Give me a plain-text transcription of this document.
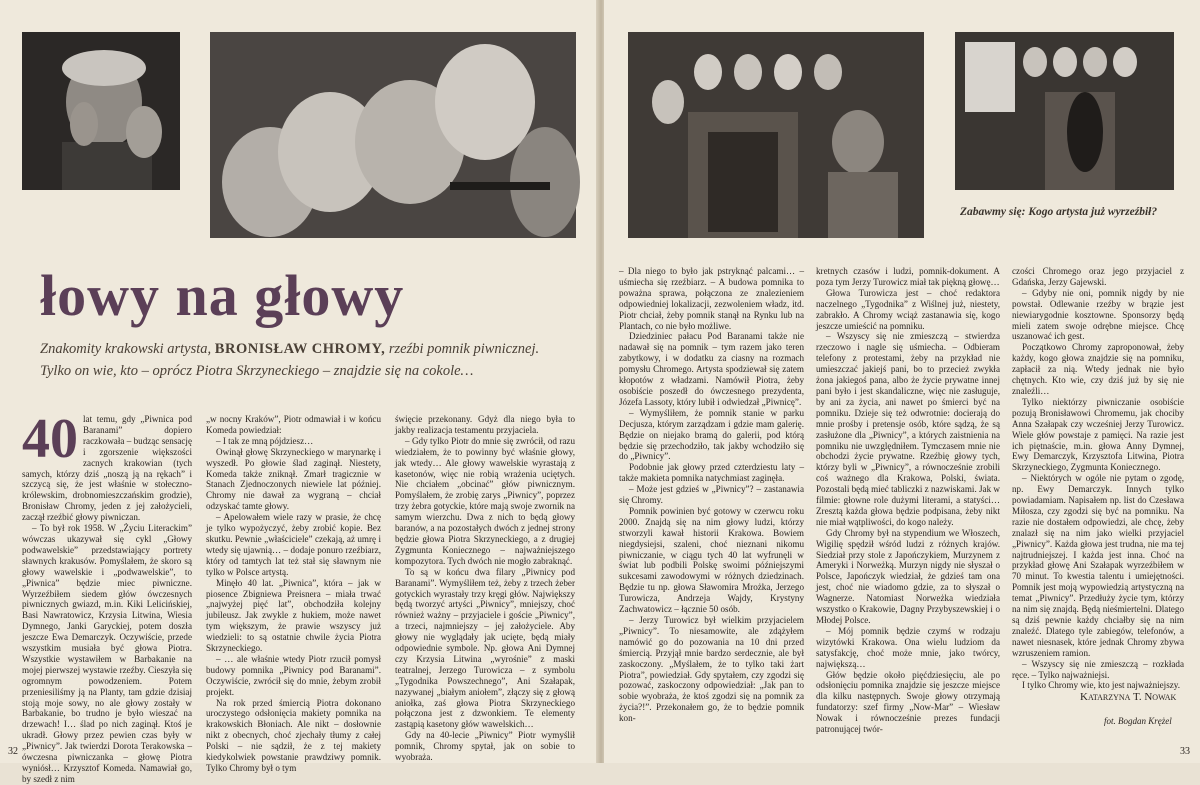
łowy na głowy
Znakomity krakowski artysta, BRONISŁAW CHROMY, rzeźbi pomnik piwnicznej. Tylko on wie, kto – oprócz Piotra Skrzyneckiego – znajdzie się na cokole…
40 lat temu, gdy „Piwnica pod Baranami” dopiero raczkowała – budząc sensację i zgorszenie większości zacnych krakowian (tych samych, którzy dziś „noszą ją na rękach” i szczycą się, że jest właśnie w stołeczno-królewskim, drobnomieszczańskim grodzie), Bronisław Chromy, jeden z jej założycieli, zaczął rzeźbić głowy piwniczan.

– To był rok 1958. W „Życiu Literackim” wówczas ukazywał się cykl „Głowy podwawelskie” przedstawiający portrety sławnych krakusów. Pomyślałem, że skoro są głowy wawelskie i „podwawelskie”, to „Piwnica” będzie miec piwniczne. Wyrzeźbiłem siedem głów ówczesnych piwnicznych gwiazd, m.in. Kiki Lelicińskiej, Basi Nawratowicz, Krzysia Litwina, Wiesia Dymnego, Janki Garyckiej, potem doszła jeszcze Ewa Demarczyk. Oczywiście, przede wszystkim musiała być głowa Piotra. Wszystkie wystawiłem w Barbakanie na mojej pierwszej wystawie rzeźby. Cieszyła się ogromnym powodzeniem. Potem przeniesiliśmy ją na Planty, tam gdzie dzisiaj stoją moje sowy, no ale głowy zostały w Barbakanie, bo trudno je było wieszać na drzewach! I… ślad po nich zaginął. Ktoś je ukradł. Głowy przez pewien czas były w „Piwnicy”. Jak twierdzi Dorota Terakowska – ówczesna piwniczanka – głowę Piotra wyniósł… Krzysztof Komeda. Namawiał go, by szedł z nim

„w nocny Kraków”, Piotr odmawiał i w końcu Komeda powiedział:

– I tak ze mną pójdziesz…

Owinął głowę Skrzyneckiego w marynarkę i wyszedł. Po głowie ślad zaginął. Niestety, Komeda także zniknął. Zmarł tragicznie w Stanach Zjednoczonych niewiele lat później. Chromy nie dawał za wygraną – chciał odzyskać tamte głowy.

– Apelowałem wiele razy w prasie, że chcę je tylko wypożyczyć, żeby zrobić kopie. Bez skutku. Pewnie „właściciele” czekają, aż umrę i wtedy się ujawnią… – dodaje ponuro rzeźbiarz, który od tamtych lat też stał się sławnym nie tylko w Polsce artystą.

Minęło 40 lat. „Piwnica”, która – jak w piosence Zbigniewa Preisnera – miała trwać „najwyżej pięć lat”, obchodziła kolejny jubileusz. Jak zwykle z hukiem, może nawet tym większym, że prawie wszyscy już wiedzieli: to są ostatnie chwile życia Piotra Skrzyneckiego.

– … ale właśnie wtedy Piotr rzucił pomysł budowy pomnika „Piwnicy pod Baranami”. Oczywiście, zwrócił się do mnie, żebym zrobił projekt.

Na rok przed śmiercią Piotra dokonano uroczystego odsłonięcia makiety pomnika na krakowskich Błoniach. Ale nikt – dosłownie nikt z obecnych, choć zjechały tłumy z całej Polski – nie sądził, że z tej makiety kiedykolwiek powstanie prawdziwy pomnik. Tylko Chromy był o tym

święcie przekonany. Gdyż dla niego była to jakby realizacja testamentu przyjaciela.

– Gdy tylko Piotr do mnie się zwrócił, od razu wiedziałem, że to powinny być właśnie głowy, jak wtedy… Ale głowy wawelskie wyrastają z kasetonów, więc nie robią wrażenia uciętych. Nie chciałem „obcinać” głów piwnicznym. Pomyślałem, że zrobię zarys „Piwnicy”, poprzez trzy żebra gotyckie, które mają swoje zwornik na samym wierzchu. Dwa z nich to będą głowy baranów, a na pozostałych dwóch z jednej strony będzie głowa Piotra Skrzyneckiego, a z drugiej Zygmunta Koniecznego – najważniejszego kompozytora. Tych dwóch nie mogło zabraknąć.

To są w końcu dwa filary „Piwnicy pod Baranami”. Wymyśliłem też, żeby z trzech żeber gotyckich wyrastały trzy kręgi głów. Największy będą tworzyć artyści „Piwnicy”, mniejszy, choć również ważny – przyjaciele i goście „Piwnicy”, a trzeci, najmniejszy – jej założyciele. Aby głowy nie wyglądały jak ucięte, będą miały odpowiednie symbole. Np. głowa Ani Dymnej czy Krzysia Litwina „wyrośnie” z maski teatralnej, Jerzego Turowicza – z symbolu „Tygodnika Powszechnego”, Ani Szałapak, nazywanej „białym aniołem”, złączy się z głową aniołka, zaś głowa Piotra Skrzyneckiego połączona jest z dzwonkiem. Te elementy zastąpią kasetony głów wawelskich…

Gdy na 40-lecie „Piwnicy” Piotr wymyślił pomnik, Chromy spytał, jak on sobie to wyobraża.

32
Zabawmy się: Kogo artysta już wyrzeźbił?

– Dla niego to było jak pstryknąć palcami… – uśmiecha się rzeźbiarz. – A budowa pomnika to poważna sprawa, połączona ze znalezieniem odpowiedniej lokalizacji, zezwoleniem władz, itd. Piotr chciał, żeby pomnik stanął na Rynku lub na Plantach, co nie było możliwe.

Dziedziniec pałacu Pod Baranami także nie nadawał się na pomnik – tym razem jako teren zabytkowy, i w dodatku za ciasny na rozmach pomysłu Chromego. Artysta spodziewał się zatem kłopotów z władzami. Namówił Piotra, żeby osobiście poszedł do ówczesnego prezydenta, Józefa Lassoty, który lubił i odwiedzał „Piwnicę”.

– Wymyśliłem, że pomnik stanie w parku Decjusza, którym zarządzam i gdzie mam galerię. Będzie on niejako bramą do galerii, pod którą będzie się przechodziło, tak jakby wchodziło się do „Piwnicy”.

Podobnie jak głowy przed czterdziestu laty – także makieta pomnika natychmiast zaginęła.

– Może jest gdzieś w „Piwnicy”? – zastanawia się Chromy.

Pomnik powinien być gotowy w czerwcu roku 2000. Znajdą się na nim głowy ludzi, którzy stworzyli kawał historii Krakowa. Bowiem niegdysiejsi, szaleni, choć nieznani nikomu piwniczanie, w ciągu tych 40 lat wyfrunęli w świat lub podbili Polskę swoimi późniejszymi sukcesami zawodowymi w różnych dziedzinach. Będzie tu np. głowa Sławomira Mrożka, Jerzego Turowicza, Andrzeja Wajdy, Krystyny Zachwatowicz – łącznie 50 osób.

– Jerzy Turowicz był wielkim przyjacielem „Piwnicy”. To niesamowite, ale zdążyłem namówić go do pozowania na 10 dni przed śmiercią. Przyjął mnie bardzo serdecznie, ale był zaskoczony. „Myślałem, że to tylko taki żart Piotra”, powiedział. Gdy spytałem, czy zgodzi się pozować, zaskoczony odpowiedział: „Jak pan to sobie wyobraża, że ktoś zgodzi się na pomnik za życia?!”. Przekonałem go, że to będzie pomnik kon-

kretnych czasów i ludzi, pomnik-dokument. A poza tym Jerzy Turowicz miał tak piękną głowę…

Głowa Turowicza jest – choć redaktora naczelnego „Tygodnika” z Wiślnej już, niestety, zabrakło. A Chromy wciąż zastanawia się, kogo jeszcze umieścić na pomniku.

– Wszyscy się nie zmieszczą – stwierdza rzeczowo i nagle się uśmiecha. – Odbieram telefony z protestami, żeby na przykład nie umieszczać jakiejś pani, bo to przecież zwykła żona jakiegoś pana, albo że życie prywatne innej pani było i jest skandaliczne, więc nie zasługuje, by ani za życia, ani nawet po śmierci być na pomniku. Dzieje się też odwrotnie: docierają do mnie prośby i pretensje osób, które sądzą, że są zasłużone dla „Piwnicy”, a których zaistnienia na pomniku nie uwzględniłem. Tymczasem mnie nie obchodzi życie prywatne. Rzeźbię głowy tych, którzy byli w „Piwnicy”, a równocześnie zrobili coś ważnego dla Krakowa, Polski, świata. Pozostali będą mieć tabliczki z nazwiskami. Jak w filmie: głowne role dużymi literami, a statyści… Zresztą każda głowa będzie podpisana, żeby nikt nie miał wątpliwości, do kogo należy.

Gdy Chromy był na stypendium we Włoszech, Wigilię spędził wśród ludzi z różnych krajów. Siedział przy stole z Japończykiem, Murzynem z Ameryki i Norweżką. Murzyn nigdy nie słyszał o Polsce, Japończyk wiedział, że gdzieś tam ona jest, choć nie wiadomo gdzie, za to słyszał o Wagnerze. Natomiast Norweżka wiedziała wszystko o Krakowie, Dagny Przybyszewskiej i o Młodej Polsce.

– Mój pomnik będzie czymś w rodzaju wizytówki Krakowa. Ona wielu ludziom da satysfakcję, choć może mnie, jako twórcy, największą…

Głów będzie około pięćdziesięciu, ale po odsłonięciu pomnika znajdzie się jeszcze miejsce dla kilku następnych. Swoje głowy otrzymają fundatorzy: szef firmy „Now-Mar” – Wiesław Nowak i równocześnie prezes fundacji patronującej twór-

czości Chromego oraz jego przyjaciel z Gdańska, Jerzy Gajewski.

– Gdyby nie oni, pomnik nigdy by nie powstał. Odlewanie rzeźby w brązie jest niewiarygodnie kosztowne. Sponsorzy będą mieli zatem swoje odrębne miejsce. Chcę uszanować ich gest.

Początkowo Chromy zaproponował, żeby każdy, kogo głowa znajdzie się na pomniku, zapłacił za nią. Wtedy jednak nie było chętnych. Kto wie, czy dziś już by się nie znaleźli…

Tylko niektórzy piwniczanie osobiście pozują Bronisławowi Chromemu, jak chociby Anna Szałapak czy wcześniej Jerzy Turowicz. Wiele głów powstaje z pamięci. Na razie jest ich piętnaście, m.in. głowa Anny Dymnej, Ewy Demarczyk, Krzysztofa Litwina, Piotra Skrzyneckiego, Zygmunta Koniecznego.

– Niektórych w ogóle nie pytam o zgodę, np. Ewy Demarczyk. Innych tylko powiadamiam. Napisałem np. list do Czesława Miłosza, czy zgodzi się być na pomniku. Na razie nie dostałem odpowiedzi, ale chcę, żeby znalazł się na nim jako wielki przyjaciel „Piwnicy”. Każda głowa jest trudna, nie ma tej najtrudniejszej. I każda jest inna. Choć na przykład głowę Ani Szałapak wyrzeźbiłem w 70 minut. To kwestia talentu i umiejętności. Pomnik jest moją wypowiedzią artystyczną na temat „Piwnicy”. Przedłuży życie tym, którzy na nim się znajdą. Będą nieśmiertelni. Dlatego są dziś pewnie każdy chciałby się na nim znaleźć. Dlatego tyle zabiegów, telefonów, a nawet niesnasek, które jednak Chromy zbywa wzruszeniem ramion.

– Wszyscy się nie zmieszczą – rozkłada ręce. – Tylko najważniejsi.

I tylko Chromy wie, kto jest najważniejszy.

Katarzyna T. Nowak
fot. Bogdan Krężel
33
